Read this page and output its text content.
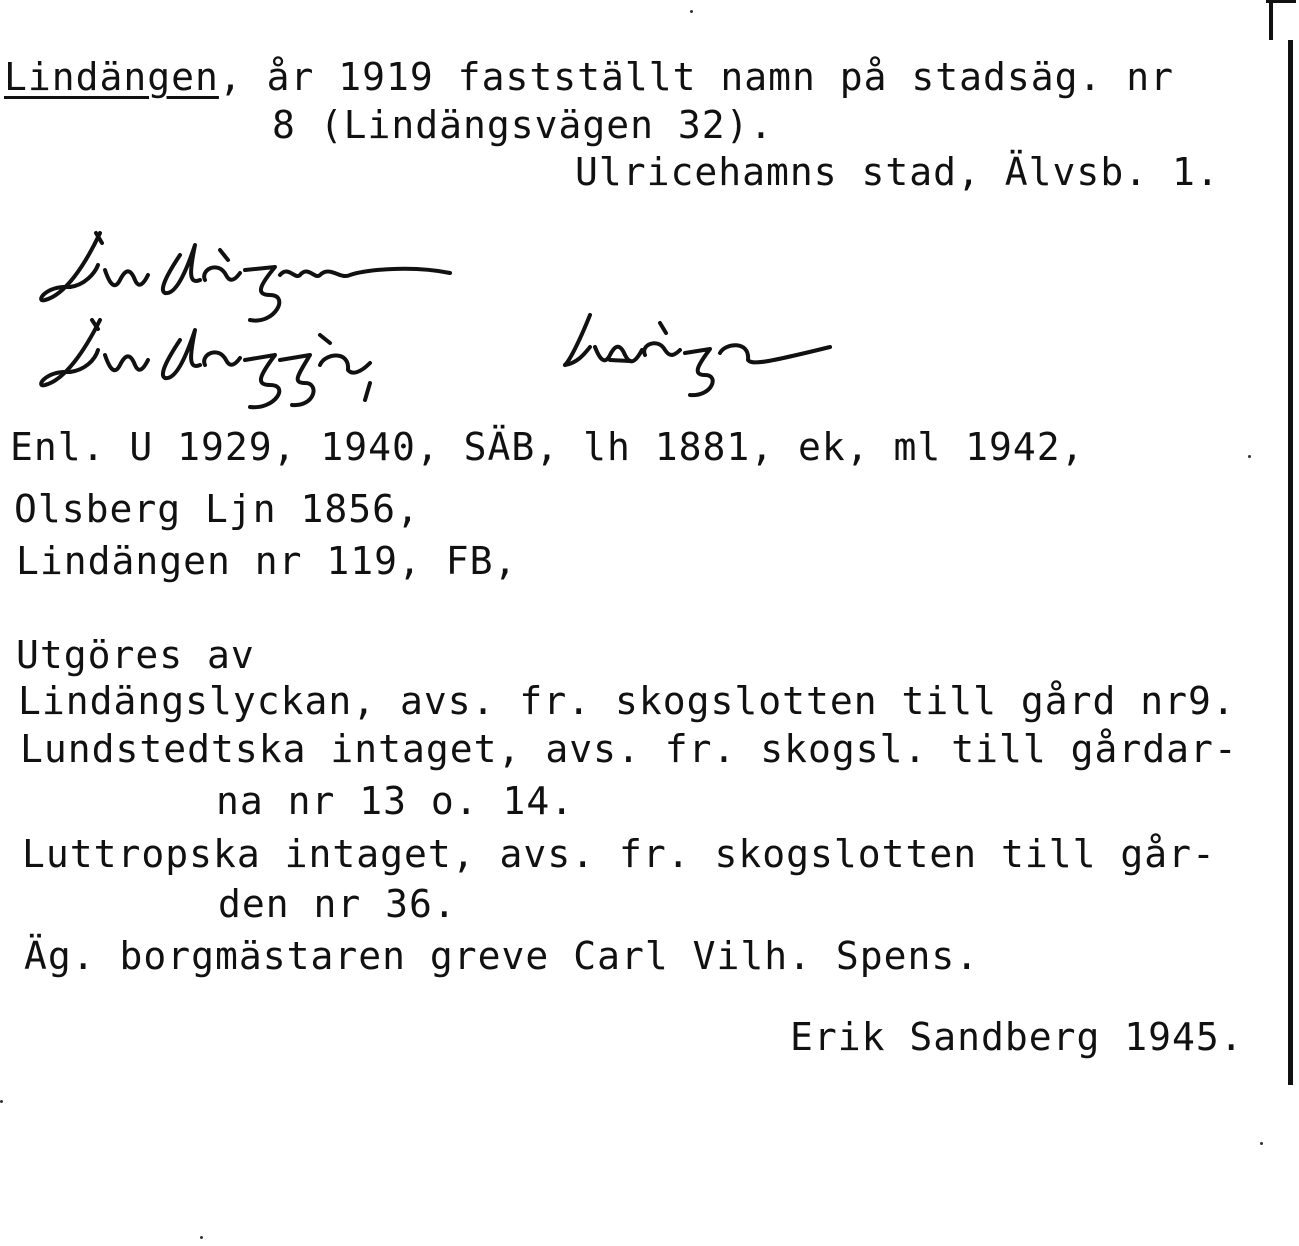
Lindängen, år 1919 fastställt namn på stadsäg. nr
8 (Lindängsvägen 32).
Ulricehamns stad, Älvsb. 1.
Enl. U 1929, 1940, SÄB, lh 1881, ek, ml 1942,
Olsberg Ljn 1856,
Lindängen nr 119, FB,
Utgöres av
Lindängslyckan, avs. fr. skogslotten till gård nr9.
Lundstedtska intaget, avs. fr. skogsl. till gårdar-
na nr 13 o. 14.
Luttropska intaget, avs. fr. skogslotten till går-
den nr 36.
Äg. borgmästaren greve Carl Vilh. Spens.
Erik Sandberg 1945.
